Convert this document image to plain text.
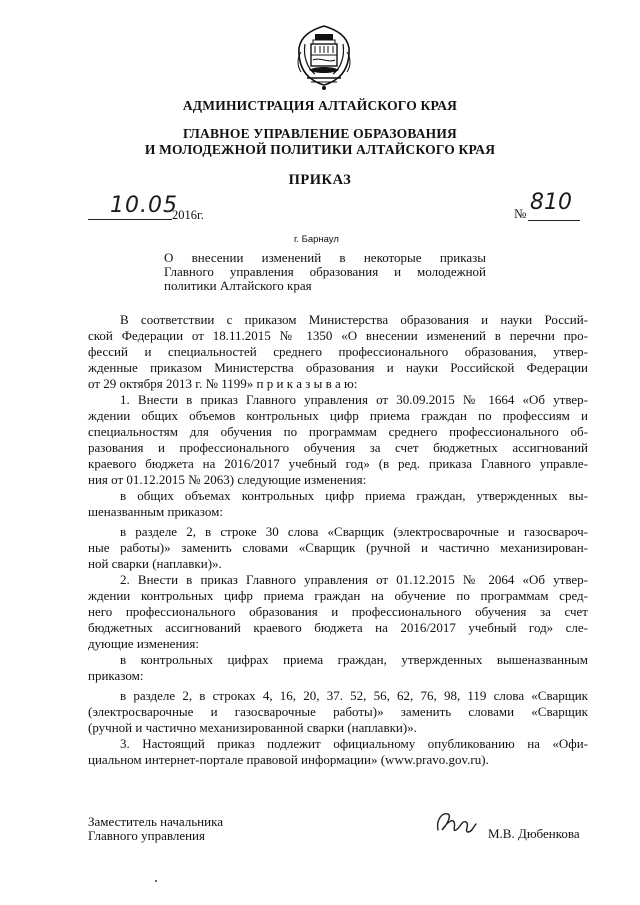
АДМИНИСТРАЦИЯ АЛТАЙСКОГО КРАЯ
ГЛАВНОЕ УПРАВЛЕНИЕ ОБРАЗОВАНИЯ
И МОЛОДЕЖНОЙ ПОЛИТИКИ АЛТАЙСКОГО КРАЯ
ПРИКАЗ
10.05
2016г.	№ 810
г. Барнаул
О внесении изменений в некоторые приказы
Главного управления образования и молодежной
политики Алтайского края
В соответствии с приказом Министерства образования и науки Россий-
ской Федерации от 18.11.2015 № 1350 «О внесении изменений в перечни про-
фессий и специальностей среднего профессионального образования, утвер-
жденные приказом Министерства образования и науки Российской Федерации
от 29 октября 2013 г. № 1199» п р и к а з ы в а ю:
1. Внести в приказ Главного управления от 30.09.2015 № 1664 «Об утвер-
ждении общих объемов контрольных цифр приема граждан по профессиям и
специальностям для обучения по программам среднего профессионального об-
разования и профессионального обучения за счет бюджетных ассигнований
краевого бюджета на 2016/2017 учебный год» (в ред. приказа Главного управле-
ния от 01.12.2015 № 2063) следующие изменения:
в общих объемах контрольных цифр приема граждан, утвержденных вы-
шеназванным приказом:
в разделе 2, в строке 30 слова «Сварщик (электросварочные и газосвароч-
ные работы)» заменить словами «Сварщик (ручной и частично механизирован-
ной сварки (наплавки)».
2. Внести в приказ Главного управления от 01.12.2015 № 2064 «Об утвер-
ждении контрольных цифр приема граждан на обучение по программам сред-
него профессионального образования и профессионального обучения за счет
бюджетных ассигнований краевого бюджета на 2016/2017 учебный год» сле-
дующие изменения:
в контрольных цифрах приема граждан, утвержденных вышеназванным
приказом:
в разделе 2, в строках 4, 16, 20, 37. 52, 56, 62, 76, 98, 119 слова «Сварщик
(электросварочные и газосварочные работы)» заменить словами «Сварщик
(ручной и частично механизированной сварки (наплавки)».
3. Настоящий приказ подлежит официальному опубликованию на «Офи-
циальном интернет-портале правовой информации» (www.pravo.gov.ru).
Заместитель начальника
Главного управления	М.В. Дюбенкова
